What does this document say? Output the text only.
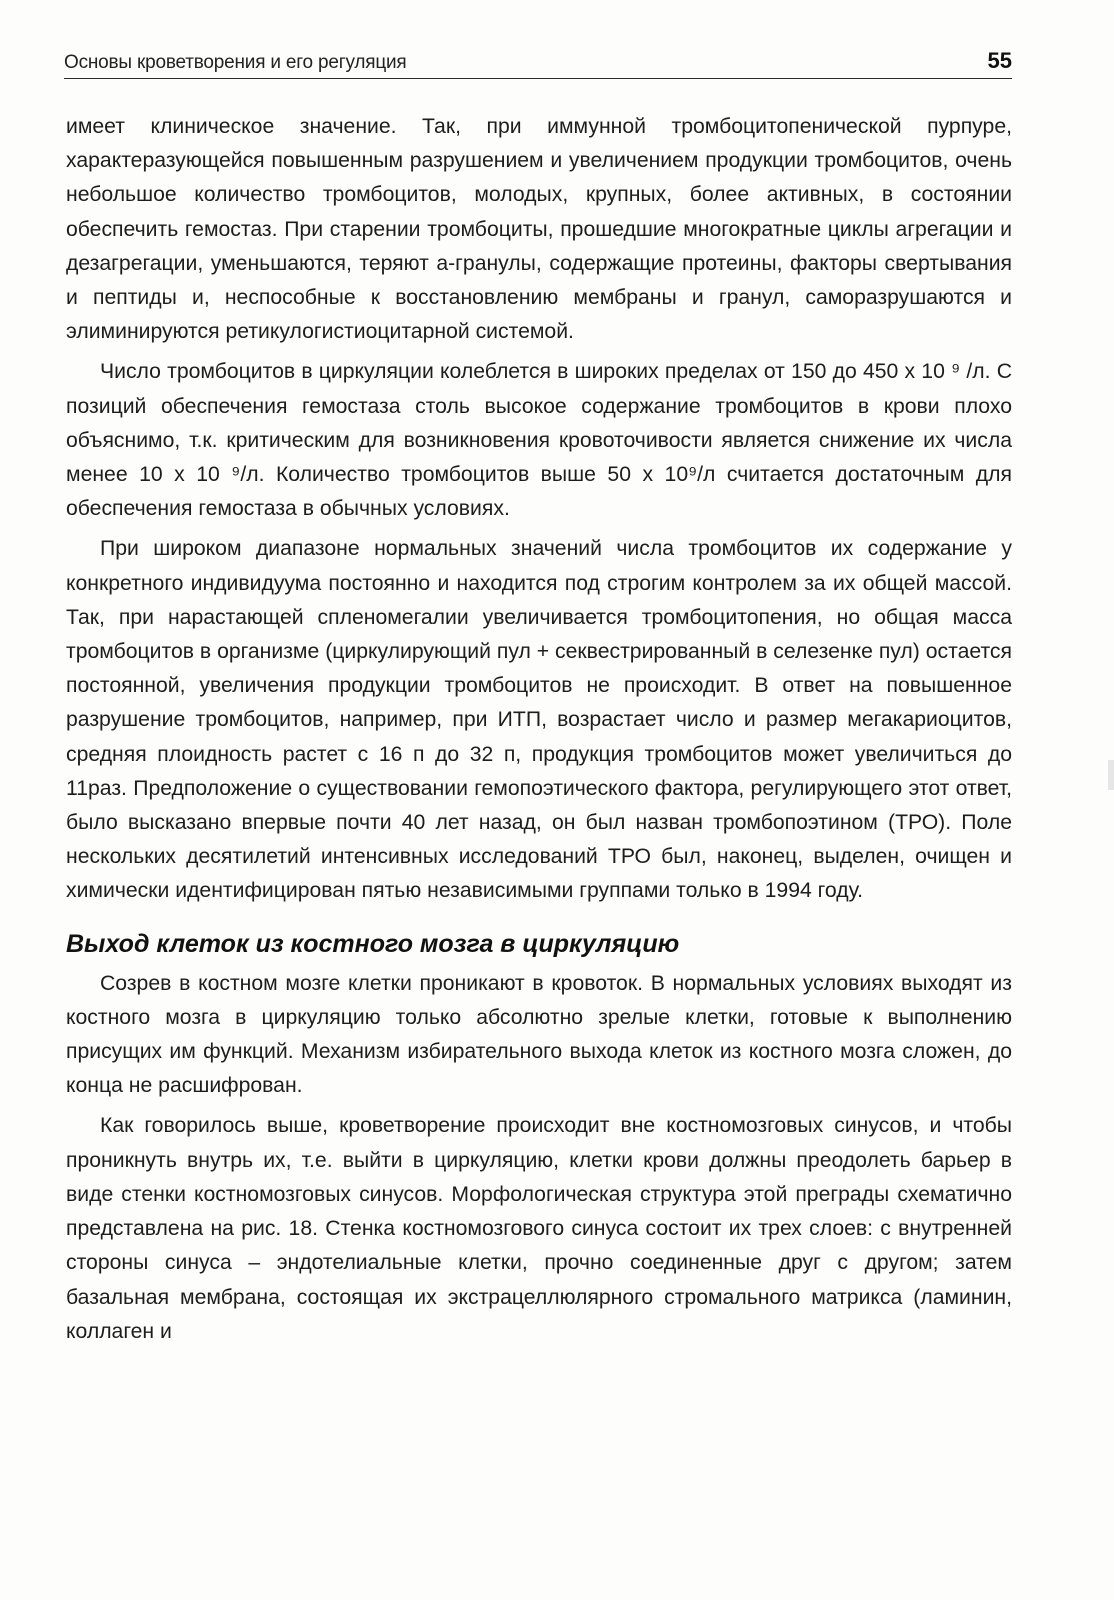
Основы кроветворения и его регуляция	55

имеет клиническое значение. Так, при иммунной тромбоцитопенической пурпуре, характеразующейся повышенным разрушением и увеличением продукции тромбоцитов, очень небольшое количество тромбоцитов, молодых, крупных, более активных, в состоянии обеспечить гемостаз. При старении тромбоциты, прошедшие многократные циклы агрегации и дезагрегации, уменьшаются, теряют а-гранулы, содержащие протеины, факторы свертывания и пептиды и, неспособные к восстановлению мембраны и гранул, саморазрушаются и элиминируются ретикулогистиоцитарной системой.

Число тромбоцитов в циркуляции колеблется в широких пределах от 150 до 450 х 10 ⁹ /л. С позиций обеспечения гемостаза столь высокое содержание тромбоцитов в крови плохо объяснимо, т.к. критическим для возникновения кровоточивости является снижение их числа менее 10 х 10 ⁹/л. Количество тромбоцитов выше 50 х 10⁹/л считается достаточным для обеспечения гемостаза в обычных условиях.

При широком диапазоне нормальных значений числа тромбоцитов их содержание у конкретного индивидуума постоянно и находится под строгим контролем за их общей массой. Так, при нарастающей спленомегалии увеличивается тромбоцитопения, но общая масса тромбоцитов в организме (циркулирующий пул + секвестрированный в селезенке пул) остается постоянной, увеличения продукции тромбоцитов не происходит. В ответ на повышенное разрушение тромбоцитов, например, при ИТП, возрастает число и размер мегакариоцитов, средняя плоидность растет с 16 п до 32 п, продукция тромбоцитов может увеличиться до 11раз. Предположение о существовании гемопоэтического фактора, регулирующего этот ответ, было высказано впервые почти 40 лет назад, он был назван тромбопоэтином (ТРО). Поле нескольких десятилетий интенсивных исследований ТРО был, наконец, выделен, очищен и химически идентифицирован пятью независимыми группами только в 1994 году.

Выход клеток из костного мозга в циркуляцию

Созрев в костном мозге клетки проникают в кровоток. В нормальных условиях выходят из костного мозга в циркуляцию только абсолютно зрелые клетки, готовые к выполнению присущих им функций. Механизм избирательного выхода клеток из костного мозга сложен, до конца не расшифрован.

Как говорилось выше, кроветворение происходит вне костномозговых синусов, и чтобы проникнуть внутрь их, т.е. выйти в циркуляцию, клетки крови должны преодолеть барьер в виде стенки костномозговых синусов. Морфологическая структура этой преграды схематично представлена на рис. 18. Стенка костномозгового синуса состоит их трех слоев: с внутренней стороны синуса – эндотелиальные клетки, прочно соединенные друг с другом; затем базальная мембрана, состоящая их экстрацеллюлярного стромального матрикса (ламинин, коллаген и
